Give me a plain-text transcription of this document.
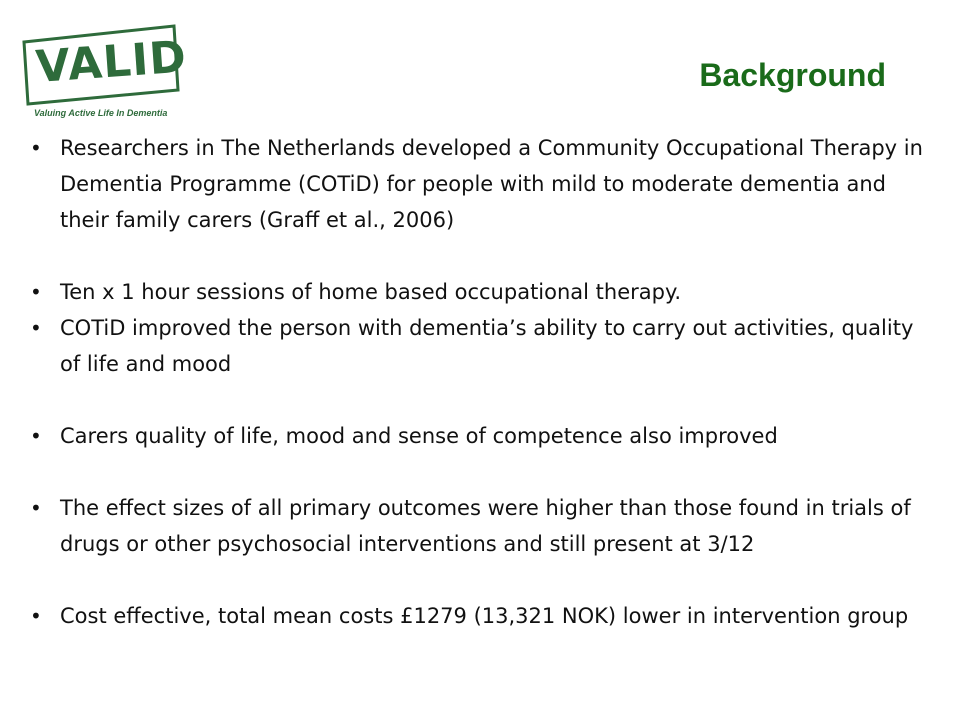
VALID
Valuing Active Life In Dementia
Background
• Researchers in The Netherlands developed a Community Occupational Therapy in Dementia Programme (COTiD) for people with mild to moderate dementia and their family carers (Graff et al., 2006)
• Ten x 1 hour sessions of home based occupational therapy.
• COTiD improved the person with dementia’s ability to carry out activities, quality of life and mood
• Carers quality of life, mood and sense of competence also improved
• The effect sizes of all primary outcomes were higher than those found in trials of drugs or other psychosocial interventions and still present at 3/12
• Cost effective, total mean costs £1279 (13,321 NOK) lower in intervention group
